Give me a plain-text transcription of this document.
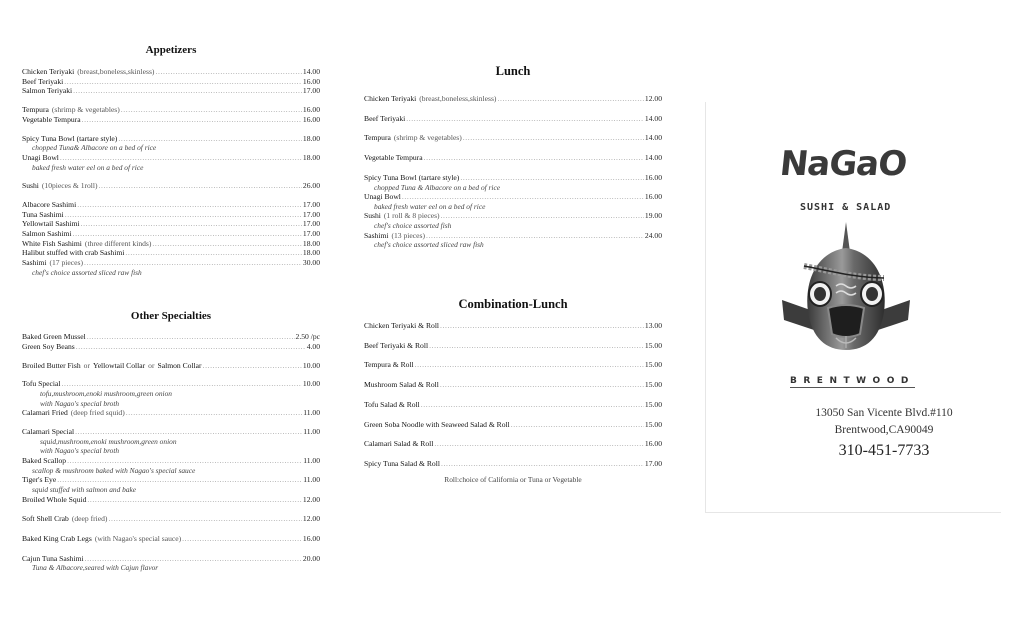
Appetizers
Chicken Teriyaki (breast,boneless,skinless) .....	14.00
Beef Teriyaki .....	16.00
Salmon Teriyaki .....	17.00
Tempura (shrimp & vegetables) .....	16.00
Vegetable Tempura .....	16.00
Spicy Tuna Bowl (tartare style) .....	18.00
chopped Tuna& Albacore on a bed of rice
Unagi Bowl .....	18.00
baked fresh water eel on a bed of rice
Sushi (10pieces & 1roll) .....	26.00
Albacore Sashimi .....	17.00
Tuna Sashimi .....	17.00
Yellowtail Sashimi .....	17.00
Salmon Sashimi .....	17.00
White Fish Sashimi (three different kinds) .....	18.00
Halibut stuffed with crab Sashimi .....	18.00
Sashimi (17 pieces) .....	30.00
chef's choice assorted sliced raw fish
Other Specialties
Baked Green Mussel .....	2.50 /pc
Green Soy Beans .....	4.00
Broiled Butter Fish or Yellowtail Collar or Salmon Collar .....	10.00
Tofu Special .....	10.00
tofu,mushroom,enoki mushroom,green onion
with Nagao's special broth
Calamari Fried (deep fried squid) .....	11.00
Calamari Special .....	11.00
squid,mushroom,enoki mushroom,green onion
with Nagao's special broth
Baked Scallop .....	11.00
scallop & mushroom baked with Nagao's special sauce
Tiger's Eye .....	11.00
squid stuffed with salmon and bake
Broiled Whole Squid .....	12.00
Soft Shell Crab (deep fried) .....	12.00
Baked King Crab Legs (with Nagao's special sauce) .....	16.00
Cajun Tuna Sashimi .....	20.00
Tuna & Albacore,seared with Cajun flavor
Lunch
Chicken Teriyaki (breast,boneless,skinless) .....	12.00
Beef Teriyaki .....	14.00
Tempura (shrimp & vegetables) .....	14.00
Vegetable Tempura .....	14.00
Spicy Tuna Bowl (tartare style) .....	16.00
chopped Tuna & Albacore on a bed of rice
Unagi Bowl .....	16.00
baked fresh water eel on a bed of rice
Sushi (1 roll & 8 pieces) .....	19.00
chef's choice assorted fish
Sashimi (13 pieces) .....	24.00
chef's choice assorted sliced raw fish
Combination-Lunch
Chicken Teriyaki & Roll .....	13.00
Beef Teriyaki & Roll .....	15.00
Tempura & Roll .....	15.00
Mushroom Salad & Roll .....	15.00
Tofu Salad & Roll .....	15.00
Green Soba Noodle with Seaweed Salad & Roll .....	15.00
Calamari Salad & Roll .....	16.00
Spicy Tuna Salad & Roll .....	17.00
Roll:choice of California or Tuna or Vegetable
NaGaO
SUSHI & SALAD
BRENTWOOD
13050 San Vicente Blvd.#110
Brentwood,CA90049
310-451-7733
